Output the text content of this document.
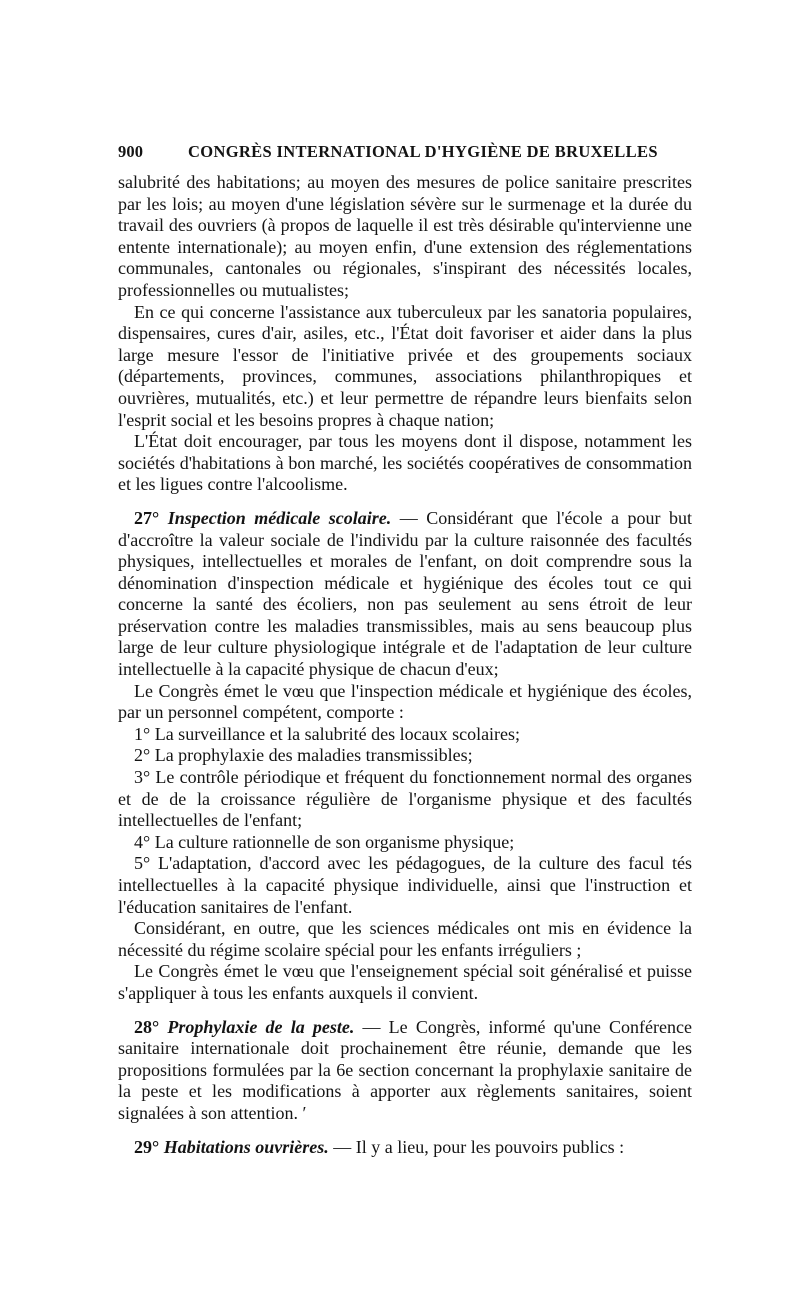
900	CONGRÈS INTERNATIONAL D'HYGIÈNE DE BRUXELLES

salubrité des habitations; au moyen des mesures de police sanitaire prescrites par les lois; au moyen d'une législation sévère sur le surmenage et la durée du travail des ouvriers (à propos de laquelle il est très désirable qu'intervienne une entente internationale); au moyen enfin, d'une extension des réglementations communales, cantonales ou régionales, s'inspirant des nécessités locales, professionnelles ou mutualistes;

En ce qui concerne l'assistance aux tuberculeux par les sanatoria populaires, dispensaires, cures d'air, asiles, etc., l'État doit favoriser et aider dans la plus large mesure l'essor de l'initiative privée et des groupements sociaux (départements, provinces, communes, associations philanthropiques et ouvrières, mutualités, etc.) et leur permettre de répandre leurs bienfaits selon l'esprit social et les besoins propres à chaque nation;

L'État doit encourager, par tous les moyens dont il dispose, notamment les sociétés d'habitations à bon marché, les sociétés coopératives de consommation et les ligues contre l'alcoolisme.

27° Inspection médicale scolaire. — Considérant que l'école a pour but d'accroître la valeur sociale de l'individu par la culture raisonnée des facultés physiques, intellectuelles et morales de l'enfant, on doit comprendre sous la dénomination d'inspection médicale et hygiénique des écoles tout ce qui concerne la santé des écoliers, non pas seulement au sens étroit de leur préservation contre les maladies transmissibles, mais au sens beaucoup plus large de leur culture physiologique intégrale et de l'adaptation de leur culture intellectuelle à la capacité physique de chacun d'eux;

Le Congrès émet le vœu que l'inspection médicale et hygiénique des écoles, par un personnel compétent, comporte :

1° La surveillance et la salubrité des locaux scolaires;

2° La prophylaxie des maladies transmissibles;

3° Le contrôle périodique et fréquent du fonctionnement normal des organes et de de la croissance régulière de l'organisme physique et des facultés intellectuelles de l'enfant;

4° La culture rationnelle de son organisme physique;

5° L'adaptation, d'accord avec les pédagogues, de la culture des facul tés intellectuelles à la capacité physique individuelle, ainsi que l'instruction et l'éducation sanitaires de l'enfant.

Considérant, en outre, que les sciences médicales ont mis en évidence la nécessité du régime scolaire spécial pour les enfants irréguliers ;

Le Congrès émet le vœu que l'enseignement spécial soit généralisé et puisse s'appliquer à tous les enfants auxquels il convient.

28° Prophylaxie de la peste. — Le Congrès, informé qu'une Conférence sanitaire internationale doit prochainement être réunie, demande que les propositions formulées par la 6e section concernant la prophylaxie sanitaire de la peste et les modifications à apporter aux règlements sanitaires, soient signalées à son attention. ′

29° Habitations ouvrières. — Il y a lieu, pour les pouvoirs publics :
